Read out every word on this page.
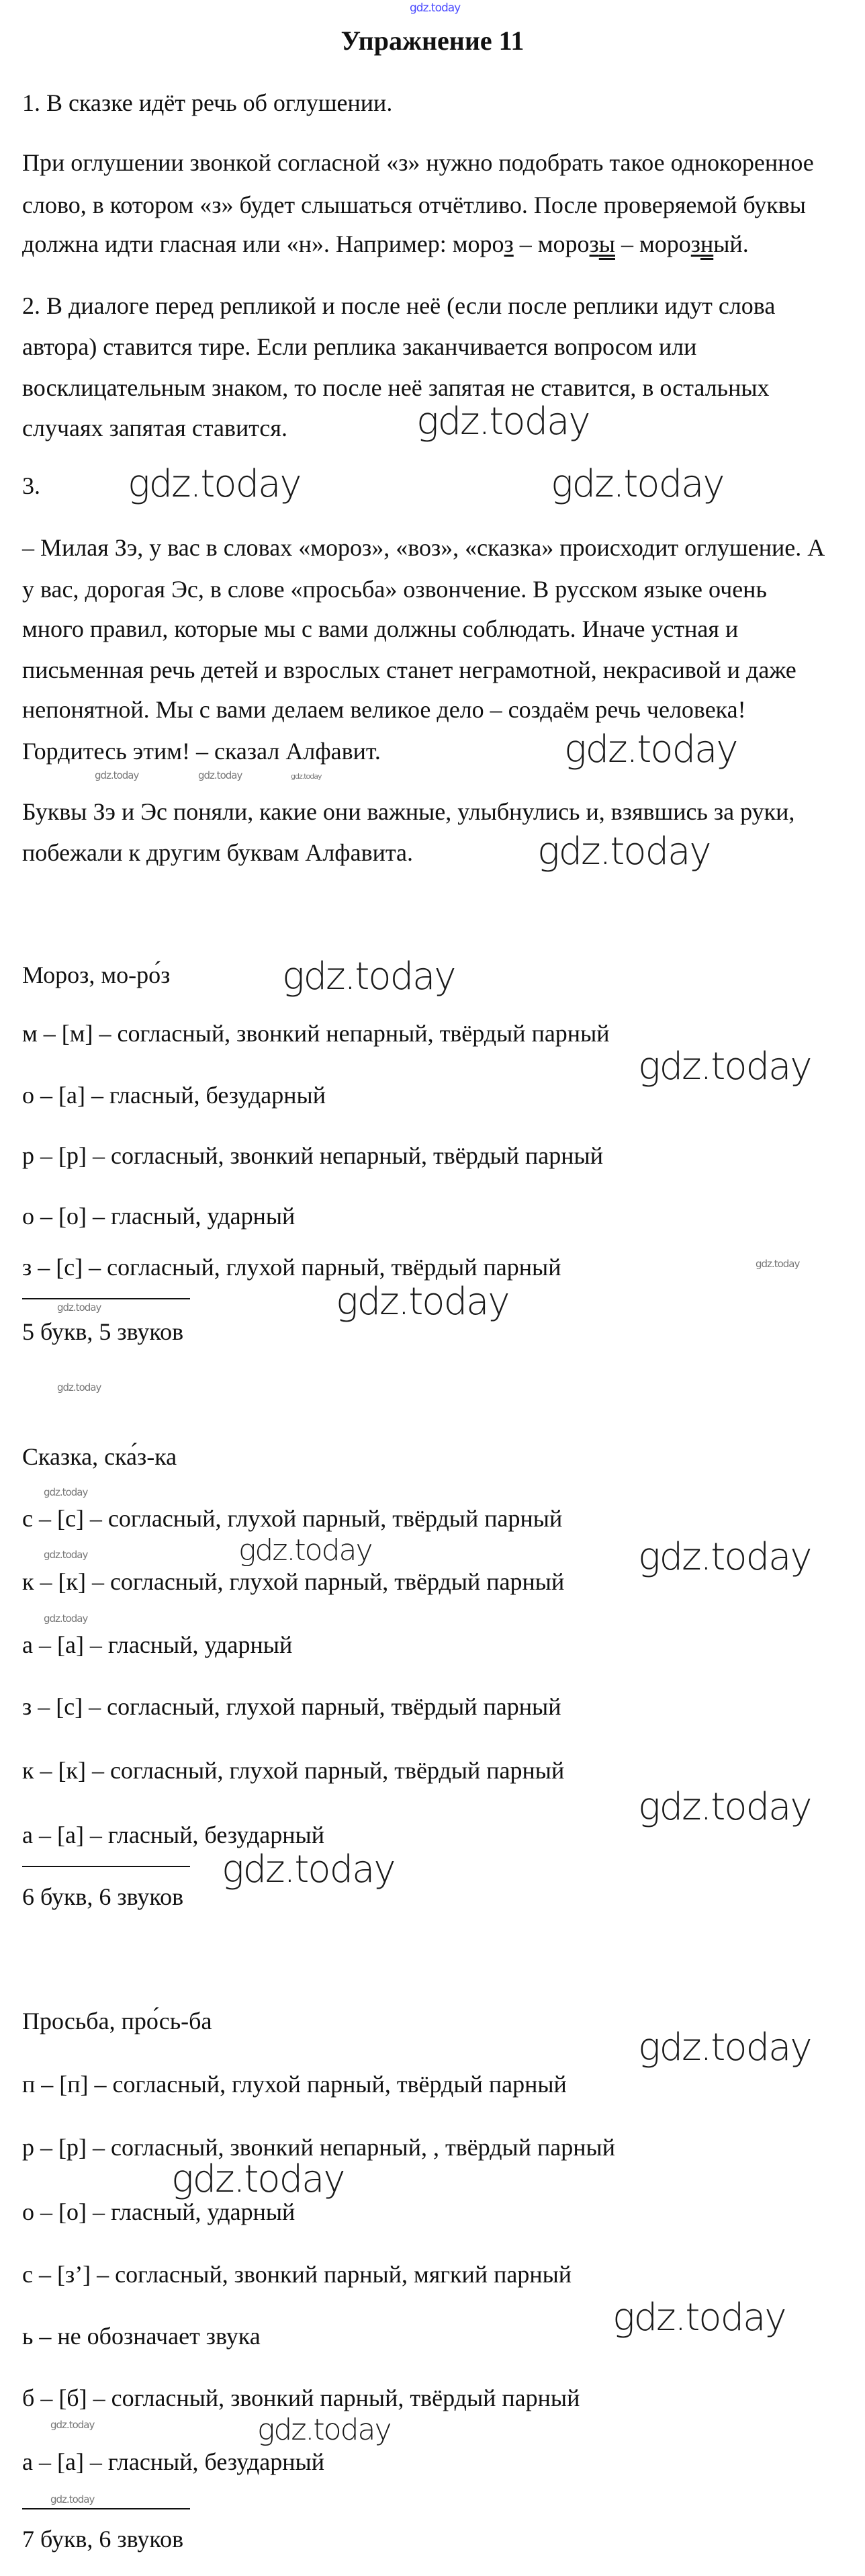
gdz.today
Упражнение 11
1. В сказке идёт речь об оглушении.
При оглушении звонкой согласной «з» нужно подобрать такое однокоренное
слово, в котором «з» будет слышаться отчётливо. После проверяемой буквы
должна идти гласная или «н». Например: мороз – морозы – морозный.
2. В диалоге перед репликой и после неё (если после реплики идут слова
автора) ставится тире. Если реплика заканчивается вопросом или
восклицательным знаком, то после неё запятая не ставится, в остальных
случаях запятая ставится.
3.
– Милая Зэ, у вас в словах «мороз», «воз», «сказка» происходит оглушение. А
у вас, дорогая Эс, в слове «просьба» озвончение. В русском языке очень
много правил, которые мы с вами должны соблюдать. Иначе устная и
письменная речь детей и взрослых станет неграмотной, некрасивой и даже
непонятной. Мы с вами делаем великое дело – создаём речь человека!
Гордитесь этим! – сказал Алфавит.
Буквы Зэ и Эс поняли, какие они важные, улыбнулись и, взявшись за руки,
побежали к другим буквам Алфавита.
Мороз, мо-ро́з
м – [м] – согласный, звонкий непарный, твёрдый парный
о – [а] – гласный, безударный
р – [р] – согласный, звонкий непарный, твёрдый парный
о – [о] – гласный, ударный
з – [с] – согласный, глухой парный, твёрдый парный
5 букв, 5 звуков
Сказка, ска́з-ка
с – [с] – согласный, глухой парный, твёрдый парный
к – [к] – согласный, глухой парный, твёрдый парный
а – [а] – гласный, ударный
з – [с] – согласный, глухой парный, твёрдый парный
к – [к] – согласный, глухой парный, твёрдый парный
а – [а] – гласный, безударный
6 букв, 6 звуков
Просьба, про́сь-ба
п – [п] – согласный, глухой парный, твёрдый парный
р – [р] – согласный, звонкий непарный, , твёрдый парный
о – [о] – гласный, ударный
с – [з’] – согласный, звонкий парный, мягкий парный
ь – не обозначает звука
б – [б] – согласный, звонкий парный, твёрдый парный
а – [а] – гласный, безударный
7 букв, 6 звуков
gdz.today
gdz.today	gdz.today
gdz.today
gdz.today
gdz.today
gdz.today
gdz.today
gdz.today	gdz.today
gdz.today
gdz.today
gdz.today
gdz.today
gdz.today
gdz.today
gdz.today	gdz.today	gdz.today
gdz.today
gdz.today
gdz.today
gdz.today
gdz.today
gdz.today
gdz.today
gdz.today
